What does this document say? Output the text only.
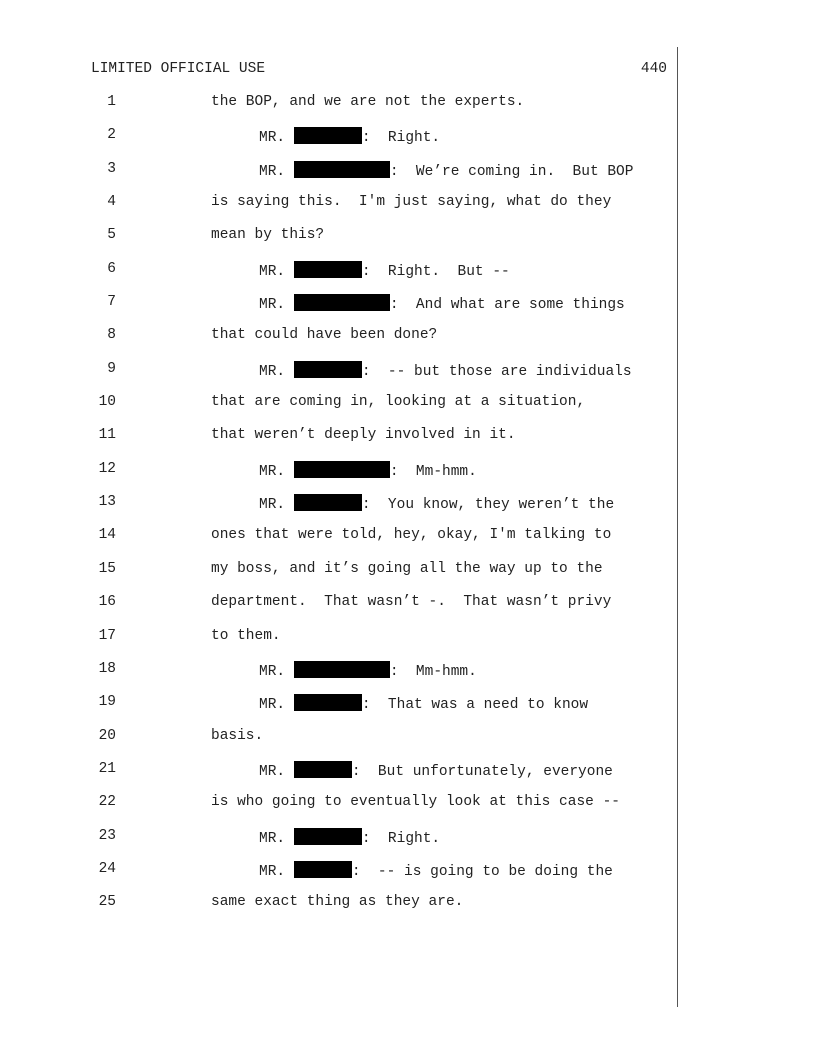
LIMITED OFFICIAL USE	440
1	the BOP, and we are not the experts.
2	MR.	:  Right.
3	MR.	:  We’re coming in.  But BOP
4	is saying this.  I'm just saying, what do they
5	mean by this?
6	MR.	:  Right.  But --
7	MR.	:  And what are some things
8	that could have been done?
9	MR.	:  -- but those are individuals
10	that are coming in, looking at a situation,
11	that weren’t deeply involved in it.
12	MR.	:  Mm-hmm.
13	MR.	:  You know, they weren’t the
14	ones that were told, hey, okay, I'm talking to
15	my boss, and it’s going all the way up to the
16	department.  That wasn’t -.  That wasn’t privy
17	to them.
18	MR.	:  Mm-hmm.
19	MR.	:  That was a need to know
20	basis.
21	MR.	:  But unfortunately, everyone
22	is who going to eventually look at this case --
23	MR.	:  Right.
24	MR.	:  -- is going to be doing the
25	same exact thing as they are.
